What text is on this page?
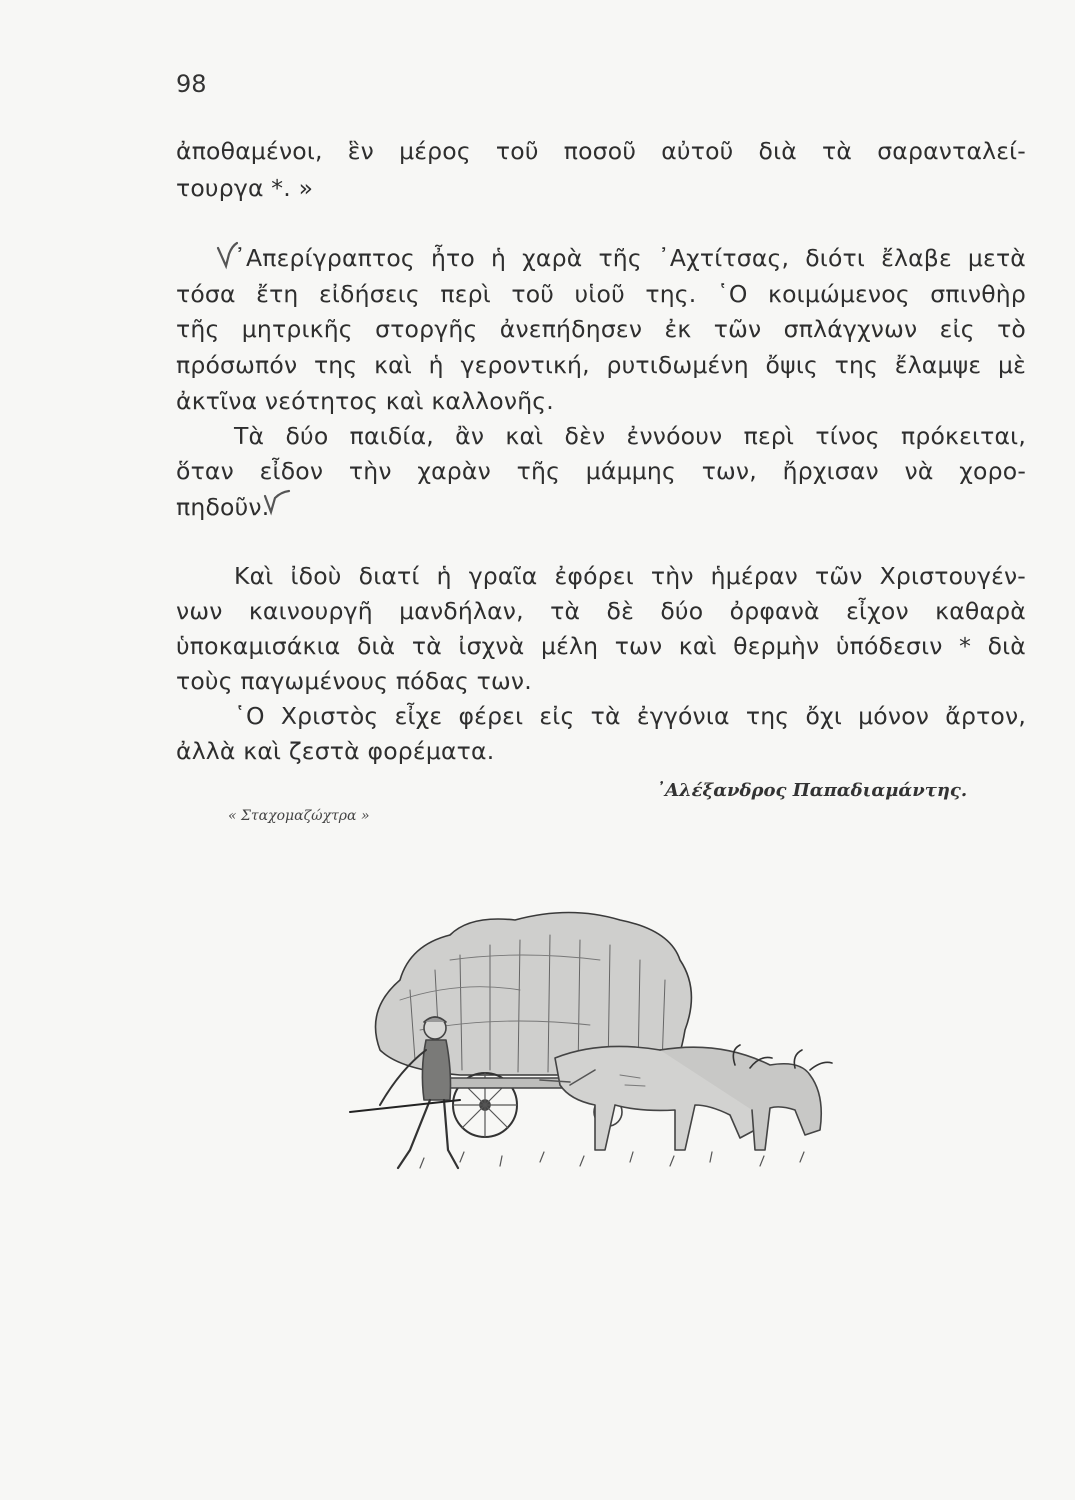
98
ἀποθαμένοι, ἓν μέρος τοῦ ποσοῦ αὐτοῦ διὰ τὰ σαρανταλεί-
τουργα *. »
᾿Απερίγραπτος ἦτο ἡ χαρὰ τῆς ᾿Αχτίτσας, διότι ἔλαβε μετὰ
τόσα ἔτη εἰδήσεις περὶ τοῦ υἱοῦ της. ῾Ο κοιμώμενος σπινθὴρ
τῆς μητρικῆς στοργῆς ἀνεπήδησεν ἐκ τῶν σπλάγχνων εἰς τὸ
πρόσωπόν της καὶ ἡ γεροντική, ρυτιδωμένη ὄψις της ἔλαμψε μὲ
ἀκτῖνα νεότητος καὶ καλλονῆς.
Τὰ δύο παιδία, ἂν καὶ δὲν ἐννόουν περὶ τίνος πρόκειται,
ὅταν εἶδον τὴν χαρὰν τῆς μάμμης των, ἤρχισαν νὰ χορο-
πηδοῦν.
Καὶ ἰδοὺ διατί ἡ γραῖα ἐφόρει τὴν ἡμέραν τῶν Χριστουγέν-
νων καινουργῆ μανδήλαν, τὰ δὲ δύο ὀρφανὰ εἶχον καθαρὰ
ὑποκαμισάκια διὰ τὰ ἰσχνὰ μέλη των καὶ θερμὴν ὑπόδεσιν * διὰ
τοὺς παγωμένους πόδας των.
῾Ο Χριστὸς εἶχε φέρει εἰς τὰ ἐγγόνια της ὄχι μόνον ἄρτον,
ἀλλὰ καὶ ζεστὰ φορέματα.
᾿Αλέξανδρος Παπαδιαμάντης.
« Σταχομαζώχτρα »
